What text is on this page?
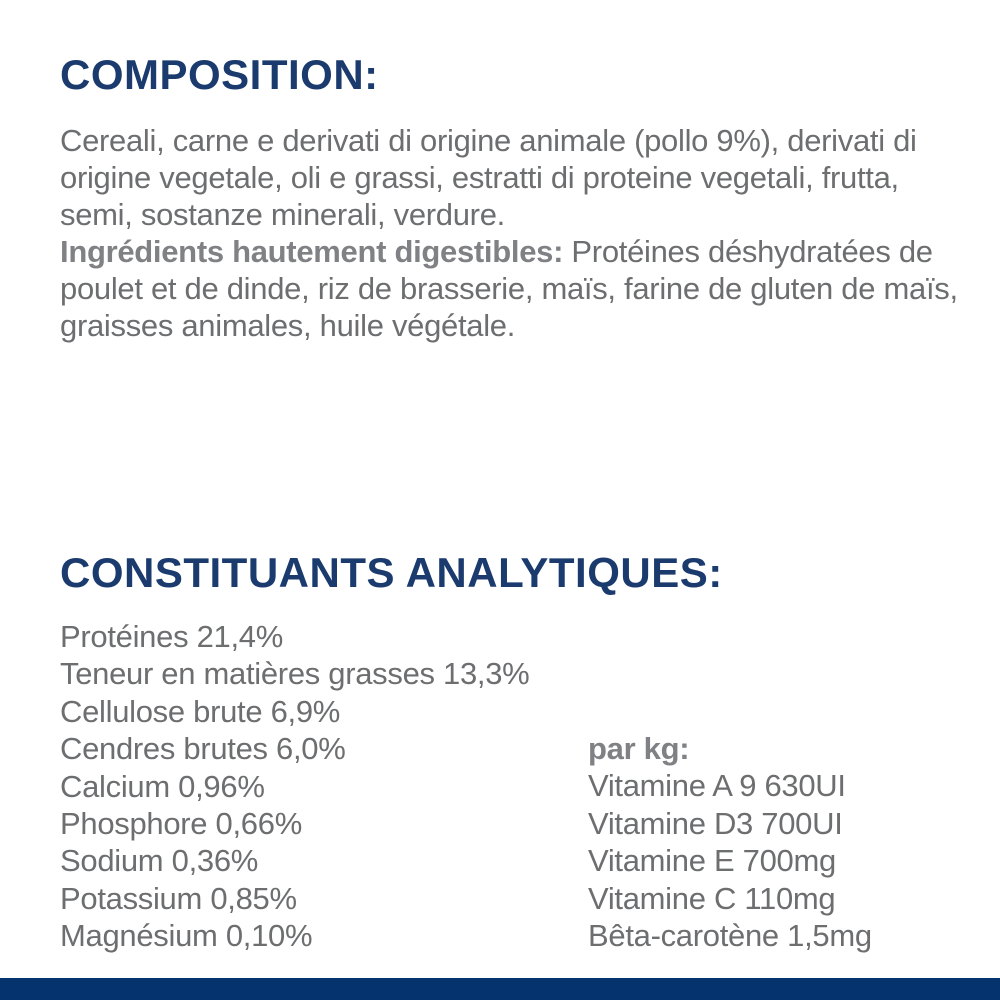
COMPOSITION:
Cereali, carne e derivati di origine animale (pollo 9%), derivati di origine vegetale, oli e grassi, estratti di proteine vegetali, frutta, semi, sostanze minerali, verdure.
Ingrédients hautement digestibles: Protéines déshydratées de poulet et de dinde, riz de brasserie, maïs, farine de gluten de maïs, graisses animales, huile végétale.
CONSTITUANTS ANALYTIQUES:
Protéines 21,4%
Teneur en matières grasses 13,3%
Cellulose brute 6,9%
Cendres brutes 6,0%
Calcium 0,96%
Phosphore 0,66%
Sodium 0,36%
Potassium 0,85%
Magnésium 0,10%
par kg:
Vitamine A 9 630UI
Vitamine D3 700UI
Vitamine E 700mg
Vitamine C 110mg
Bêta-carotène 1,5mg
